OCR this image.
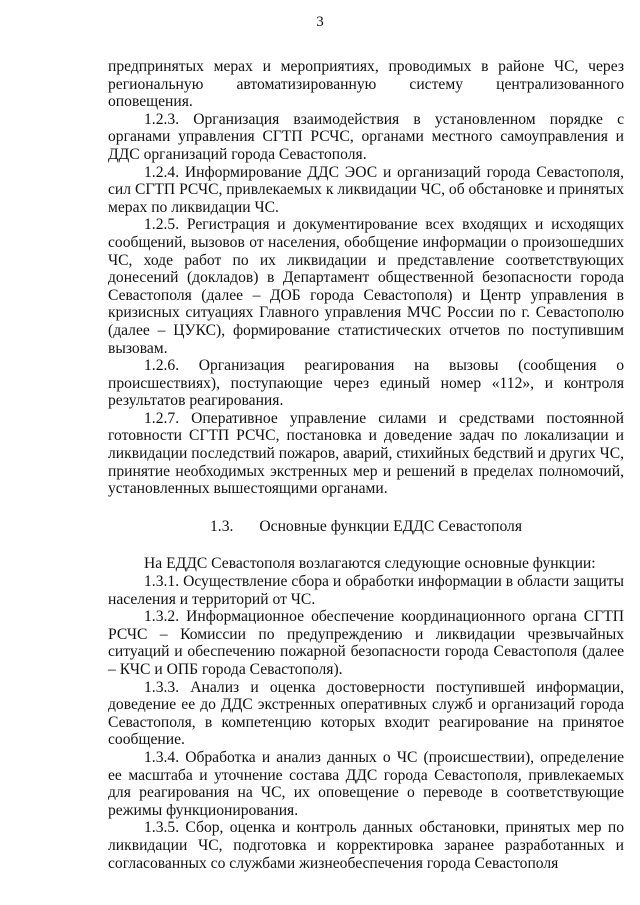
3

предпринятых мерах и мероприятиях, проводимых в районе ЧС, через региональную автоматизированную систему централизованного оповещения.

1.2.3. Организация взаимодействия в установленном порядке с органами управления СГТП РСЧС, органами местного самоуправления и ДДС организаций города Севастополя.

1.2.4. Информирование ДДС ЭОС и организаций города Севастополя, сил СГТП РСЧС, привлекаемых к ликвидации ЧС, об обстановке и принятых мерах по ликвидации ЧС.

1.2.5. Регистрация и документирование всех входящих и исходящих сообщений, вызовов от населения, обобщение информации о произошедших ЧС, ходе работ по их ликвидации и представление соответствующих донесений (докладов) в Департамент общественной безопасности города Севастополя (далее – ДОБ города Севастополя) и Центр управления в кризисных ситуациях Главного управления МЧС России по г. Севастополю (далее – ЦУКС), формирование статистических отчетов по поступившим вызовам.

1.2.6. Организация реагирования на вызовы (сообщения о происшествиях), поступающие через единый номер «112», и контроля результатов реагирования.

1.2.7. Оперативное управление силами и средствами постоянной готовности СГТП РСЧС, постановка и доведение задач по локализации и ликвидации последствий пожаров, аварий, стихийных бедствий и других ЧС, принятие необходимых экстренных мер и решений в пределах полномочий, установленных вышестоящими органами.

1.3. Основные функции ЕДДС Севастополя

На ЕДДС Севастополя возлагаются следующие основные функции:

1.3.1. Осуществление сбора и обработки информации в области защиты населения и территорий от ЧС.

1.3.2. Информационное обеспечение координационного органа СГТП РСЧС – Комиссии по предупреждению и ликвидации чрезвычайных ситуаций и обеспечению пожарной безопасности города Севастополя (далее – КЧС и ОПБ города Севастополя).

1.3.3. Анализ и оценка достоверности поступившей информации, доведение ее до ДДС экстренных оперативных служб и организаций города Севастополя, в компетенцию которых входит реагирование на принятое сообщение.

1.3.4. Обработка и анализ данных о ЧС (происшествии), определение ее масштаба и уточнение состава ДДС города Севастополя, привлекаемых для реагирования на ЧС, их оповещение о переводе в соответствующие режимы функционирования.

1.3.5. Сбор, оценка и контроль данных обстановки, принятых мер по ликвидации ЧС, подготовка и корректировка заранее разработанных и согласованных со службами жизнеобеспечения города Севастополя
